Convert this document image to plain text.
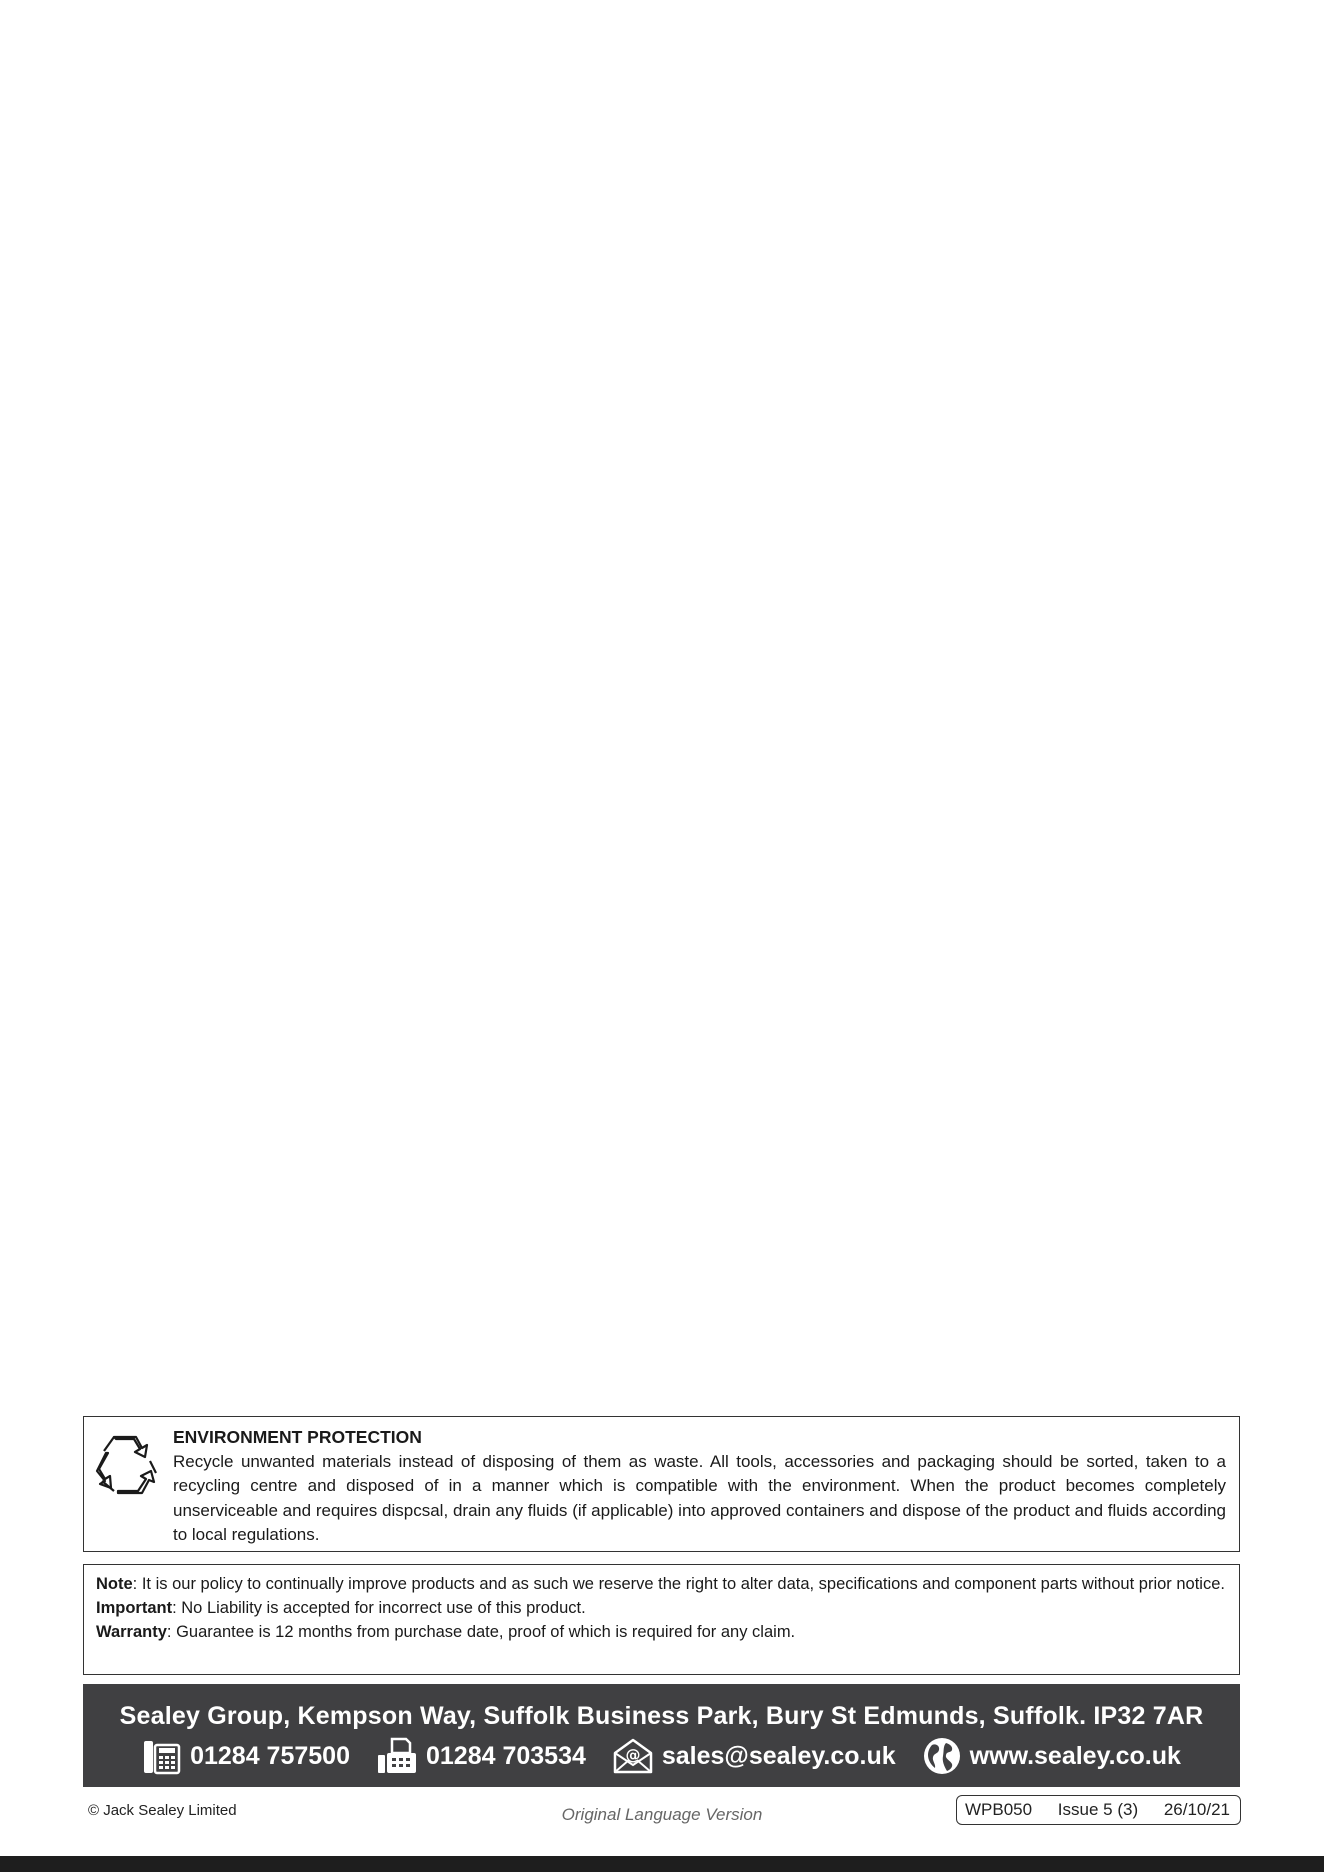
ENVIRONMENT PROTECTION
Recycle unwanted materials instead of disposing of them as waste. All tools, accessories and packaging should be sorted, taken to a recycling centre and disposed of in a manner which is compatible with the environment. When the product becomes completely unserviceable and requires dispcsal, drain any fluids (if applicable) into approved containers and dispose of the product and fluids according to local regulations.

Note: It is our policy to continually improve products and as such we reserve the right to alter data, specifications and component parts without prior notice.

Important: No Liability is accepted for incorrect use of this product.

Warranty: Guarantee is 12 months from purchase date, proof of which is required for any claim.

Sealey Group, Kempson Way, Suffolk Business Park, Bury St Edmunds, Suffolk. IP32 7AR
01284 757500	01284 703534	@ sales@sealey.co.uk	www.sealey.co.uk
© Jack Sealey Limited	Original Language Version	WPB050 Issue 5 (3) 26/10/21
